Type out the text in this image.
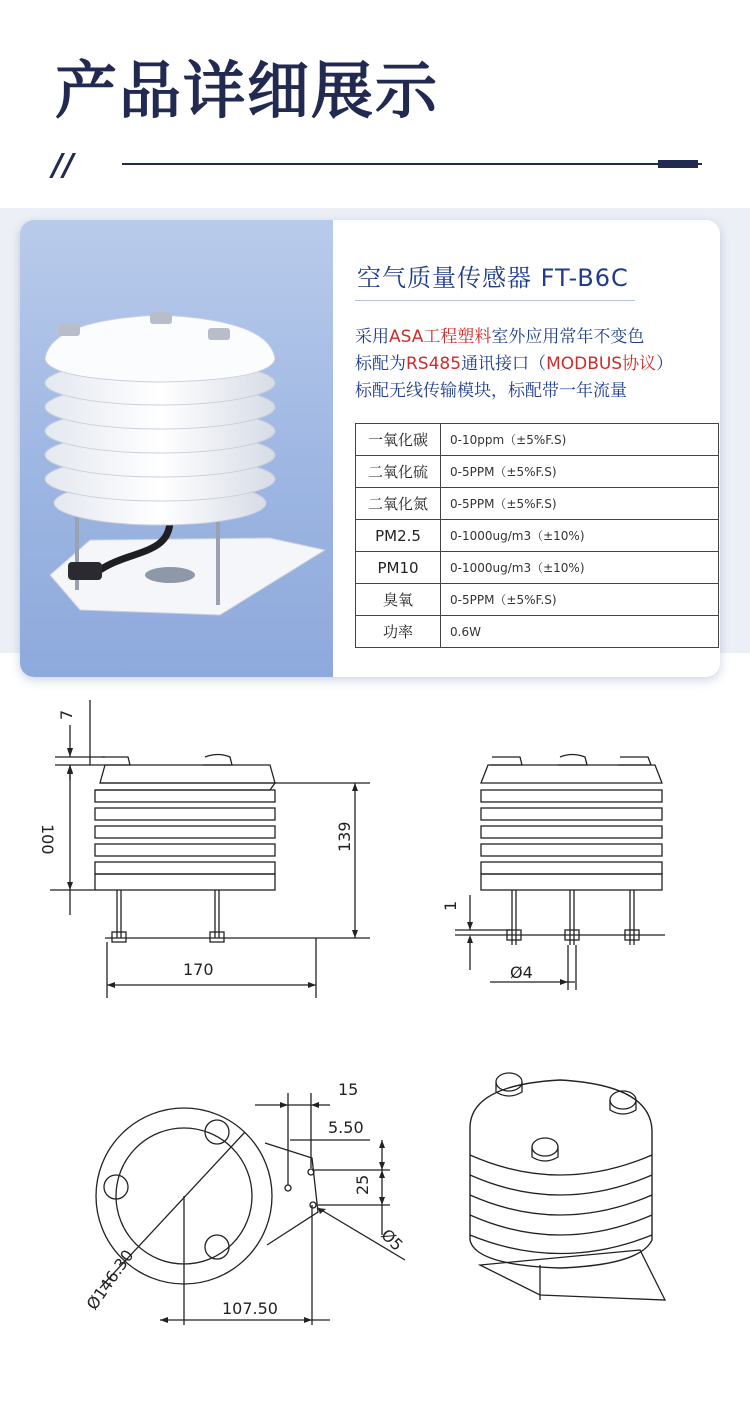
产品详细展示
//
空气质量传感器 FT-B6C
采用ASA工程塑料室外应用常年不变色
标配为RS485通讯接口（MODBUS协议）
标配无线传输模块，标配带一年流量
一氧化碳	0-10ppm（±5%F.S)
二氧化硫	0-5PPM（±5%F.S)
二氧化氮	0-5PPM（±5%F.S)
PM2.5	0-1000ug/m3（±10%)
PM10	0-1000ug/m3（±10%)
臭氧	0-5PPM（±5%F.S)
功率	0.6W
7
100	139
170
1
Ø4
15
5.50
25
Ø5
Ø146.30	107.50
